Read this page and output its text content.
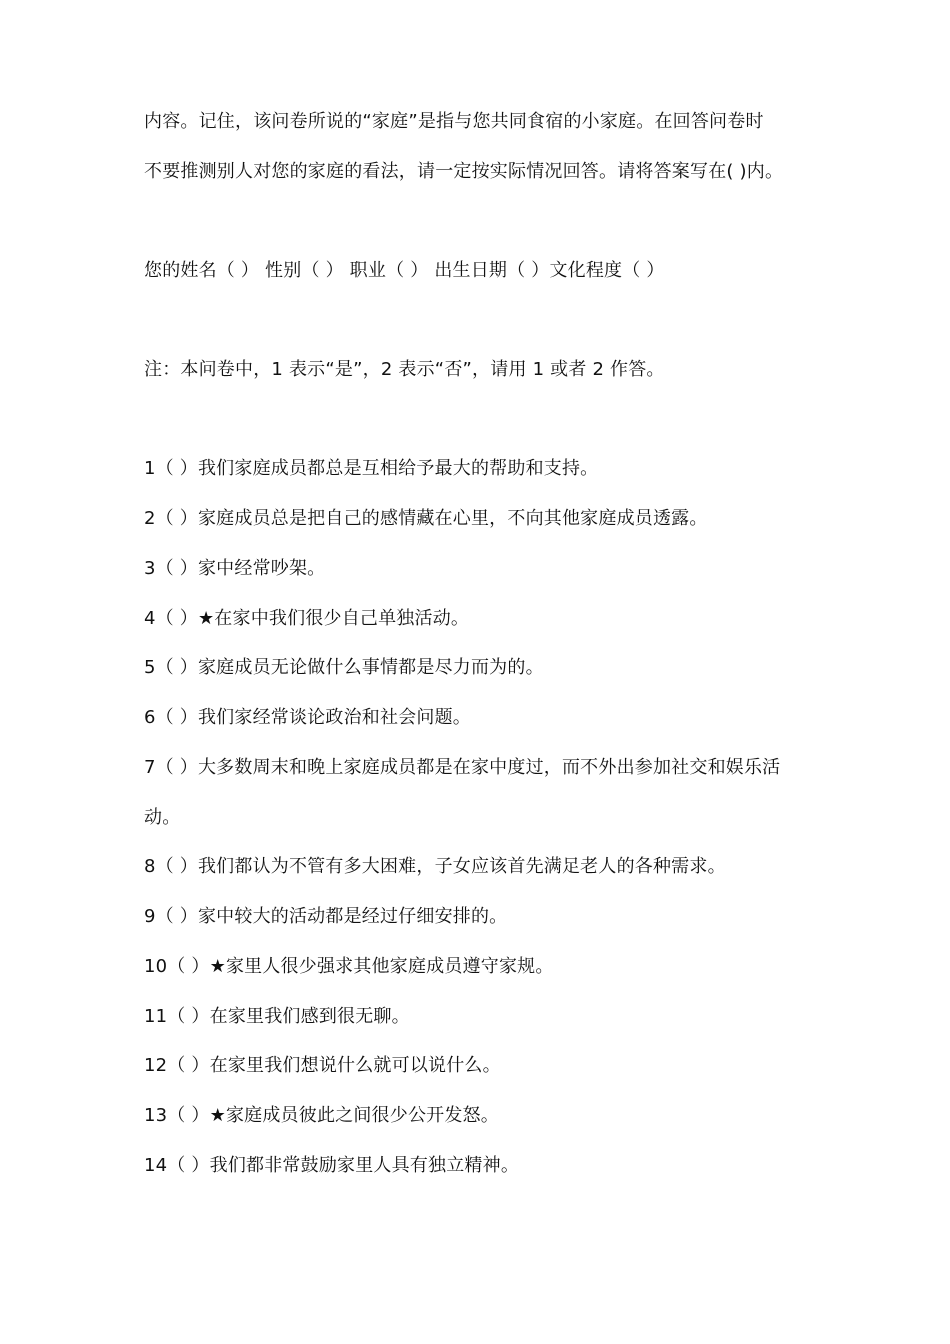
内容。记住，该问卷所说的“家庭”是指与您共同食宿的小家庭。在回答问卷时
不要推测别人对您的家庭的看法，请一定按实际情况回答。请将答案写在( )内。
您的姓名（ ） 性别（ ） 职业（ ） 出生日期（ ）文化程度（ ）
注：本问卷中，1 表示“是”，2 表示“否”，请用 1 或者 2 作答。
1（ ）我们家庭成员都总是互相给予最大的帮助和支持。
2（ ）家庭成员总是把自己的感情藏在心里，不向其他家庭成员透露。
3（ ）家中经常吵架。
4（ ）★在家中我们很少自己单独活动。
5（ ）家庭成员无论做什么事情都是尽力而为的。
6（ ）我们家经常谈论政治和社会问题。
7（ ）大多数周末和晚上家庭成员都是在家中度过，而不外出参加社交和娱乐活
动。
8（ ）我们都认为不管有多大困难，子女应该首先满足老人的各种需求。
9（ ）家中较大的活动都是经过仔细安排的。
10（ ）★家里人很少强求其他家庭成员遵守家规。
11（ ）在家里我们感到很无聊。
12（ ）在家里我们想说什么就可以说什么。
13（ ）★家庭成员彼此之间很少公开发怒。
14（ ）我们都非常鼓励家里人具有独立精神。
